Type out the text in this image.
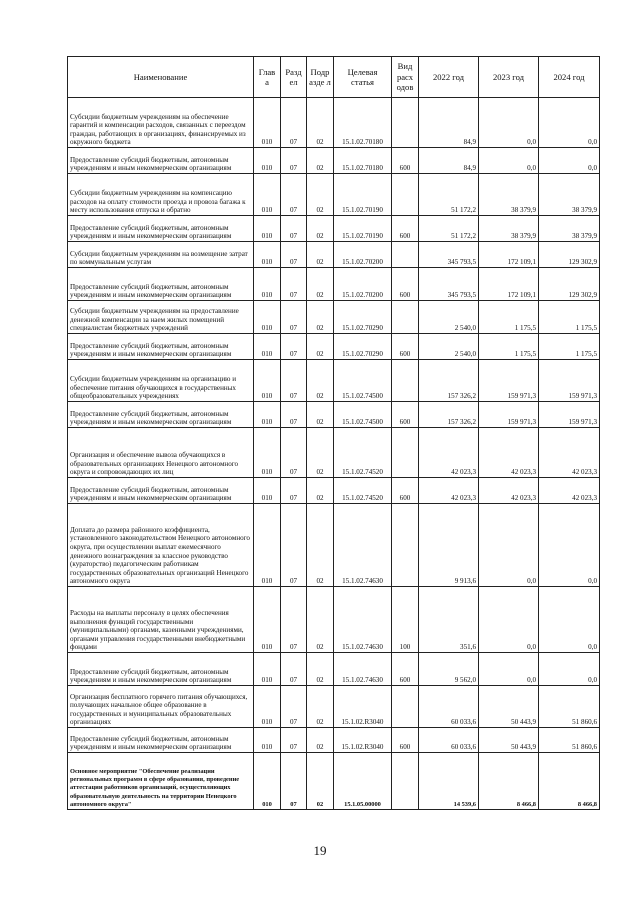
Наименование	Глав а	Разд ел	Подр азде л	Целевая статья	Вид расх одов	2022 год	2023 год	2024 год
Субсидии бюджетным учреждениям на обеспечение гарантий и компенсации расходов, связанных с переездом граждан, работающих в организациях, финансируемых из окружного бюджета	010	07	02	15.1.02.70180		84,9	0,0	0,0
Предоставление субсидий бюджетным, автономным учреждениям и иным некоммерческим организациям	010	07	02	15.1.02.70180	600	84,9	0,0	0,0
Субсидии бюджетным учреждениям на компенсацию расходов на оплату стоимости проезда и провоза багажа к месту использования отпуска и обратно	010	07	02	15.1.02.70190		51 172,2	38 379,9	38 379,9
Предоставление субсидий бюджетным, автономным учреждениям и иным некоммерческим организациям	010	07	02	15.1.02.70190	600	51 172,2	38 379,9	38 379,9
Субсидии бюджетным учреждениям на возмещение затрат по коммунальным услугам	010	07	02	15.1.02.70200		345 793,5	172 109,1	129 302,9
Предоставление субсидий бюджетным, автономным учреждениям и иным некоммерческим организациям	010	07	02	15.1.02.70200	600	345 793,5	172 109,1	129 302,9
Субсидии бюджетным учреждениям на предоставление денежной компенсации за наем жилых помещений специалистам бюджетных учреждений	010	07	02	15.1.02.70290		2 540,0	1 175,5	1 175,5
Предоставление субсидий бюджетным, автономным учреждениям и иным некоммерческим организациям	010	07	02	15.1.02.70290	600	2 540,0	1 175,5	1 175,5
Субсидии бюджетным учреждениям на организацию и обеспечение питания обучающихся в государственных общеобразовательных учреждениях	010	07	02	15.1.02.74500		157 326,2	159 971,3	159 971,3
Предоставление субсидий бюджетным, автономным учреждениям и иным некоммерческим организациям	010	07	02	15.1.02.74500	600	157 326,2	159 971,3	159 971,3
Организация и обеспечение вывоза обучающихся в образовательных организациях Ненецкого автономного округа и сопровождающих их лиц	010	07	02	15.1.02.74520		42 023,3	42 023,3	42 023,3
Предоставление субсидий бюджетным, автономным учреждениям и иным некоммерческим организациям	010	07	02	15.1.02.74520	600	42 023,3	42 023,3	42 023,3
Доплата до размера районного коэффициента, установленного законодательством Ненецкого автономного округа, при осуществлении выплат ежемесячного денежного вознаграждения за классное руководство (кураторство) педагогическим работникам государственных образовательных организаций Ненецкого автономного округа	010	07	02	15.1.02.74630		9 913,6	0,0	0,0
Расходы на выплаты персоналу в целях обеспечения выполнения функций государственными (муниципальными) органами, казенными учреждениями, органами управления государственными внебюджетными фондами	010	07	02	15.1.02.74630	100	351,6	0,0	0,0
Предоставление субсидий бюджетным, автономным учреждениям и иным некоммерческим организациям	010	07	02	15.1.02.74630	600	9 562,0	0,0	0,0
Организация бесплатного горячего питания обучающихся, получающих начальное общее образование в государственных и муниципальных образовательных организациях	010	07	02	15.1.02.R3040		60 033,6	50 443,9	51 860,6
Предоставление субсидий бюджетным, автономным учреждениям и иным некоммерческим организациям	010	07	02	15.1.02.R3040	600	60 033,6	50 443,9	51 860,6
Основное мероприятие "Обеспечение реализации региональных программ в сфере образования, проведение аттестации работников организаций, осуществляющих образовательную деятельность на территории Ненецкого автономного округа"	010	07	02	15.1.05.00000		14 539,6	8 466,8	8 466,8
19
